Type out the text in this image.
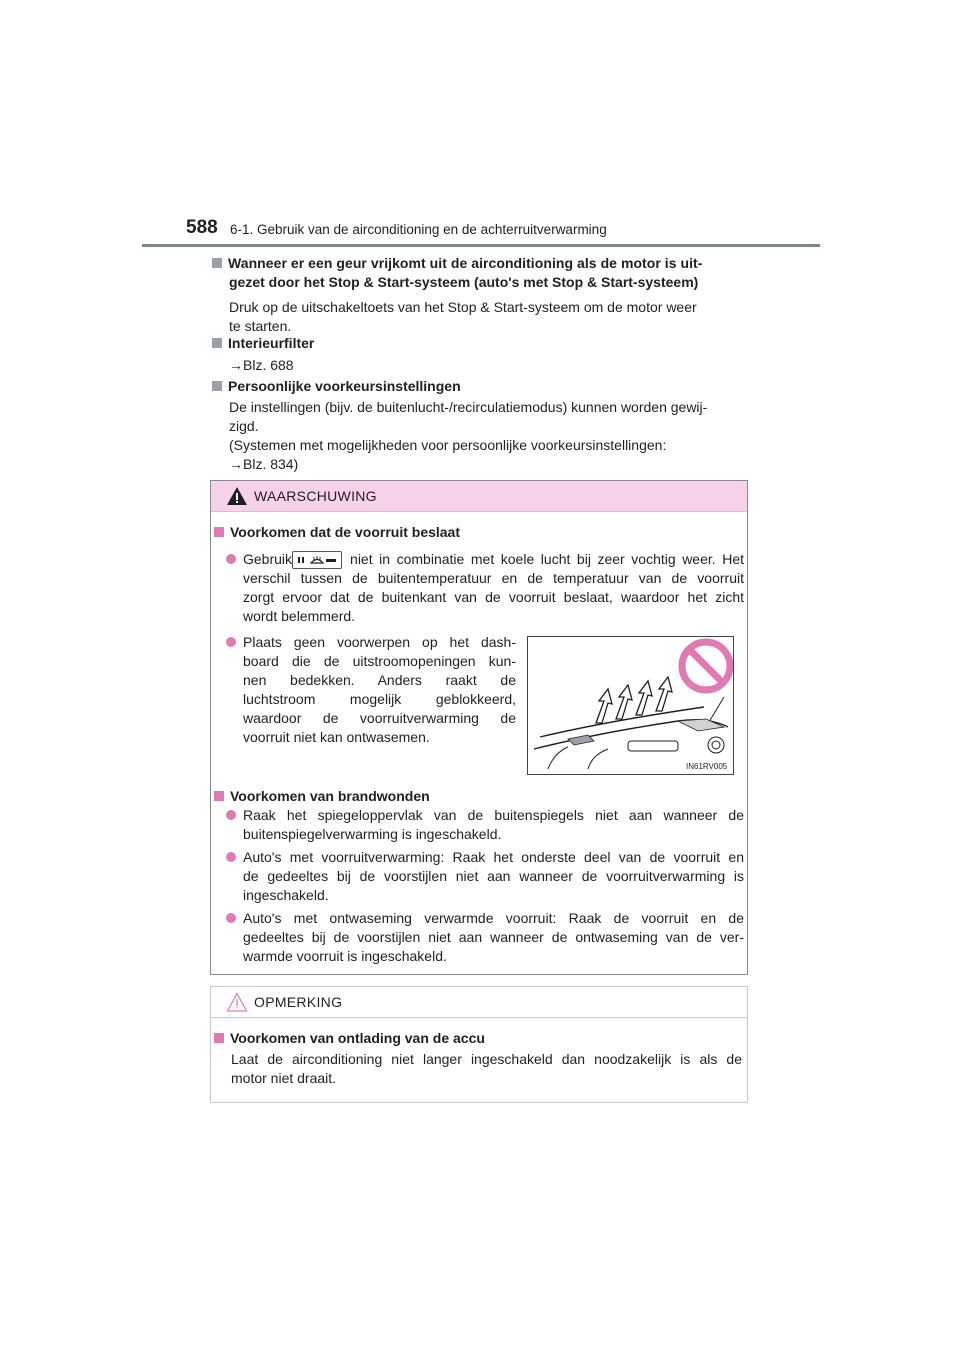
588 6-1. Gebruik van de airconditioning en de achterruitverwarming
Wanneer er een geur vrijkomt uit de airconditioning als de motor is uit-
gezet door het Stop & Start-systeem (auto's met Stop & Start-systeem)
Druk op de uitschakeltoets van het Stop & Start-systeem om de motor weer
te starten.
Interieurfilter
→Blz. 688
Persoonlijke voorkeursinstellingen
De instellingen (bijv. de buitenlucht-/recirculatiemodus) kunnen worden gewij-
zigd.
(Systemen met mogelijkheden voor persoonlijke voorkeursinstellingen:
→Blz. 834)
WAARSCHUWING
Voorkomen dat de voorruit beslaat
Gebruik	niet in combinatie met koele lucht bij zeer vochtig weer. Het
verschil tussen de buitentemperatuur en de temperatuur van de voorruit
zorgt ervoor dat de buitenkant van de voorruit beslaat, waardoor het zicht
wordt belemmerd.
Plaats geen voorwerpen op het dash-
board die de uitstroomopeningen kun-
nen bedekken. Anders raakt de
luchtstroom mogelijk geblokkeerd,
waardoor de voorruitverwarming de
voorruit niet kan ontwasemen.
IN61RV005
Voorkomen van brandwonden
Raak het spiegeloppervlak van de buitenspiegels niet aan wanneer de
buitenspiegelverwarming is ingeschakeld.
Auto's met voorruitverwarming: Raak het onderste deel van de voorruit en
de gedeeltes bij de voorstijlen niet aan wanneer de voorruitverwarming is
ingeschakeld.
Auto's met ontwaseming verwarmde voorruit: Raak de voorruit en de
gedeeltes bij de voorstijlen niet aan wanneer de ontwaseming van de ver-
warmde voorruit is ingeschakeld.
OPMERKING
Voorkomen van ontlading van de accu
Laat de airconditioning niet langer ingeschakeld dan noodzakelijk is als de
motor niet draait.
